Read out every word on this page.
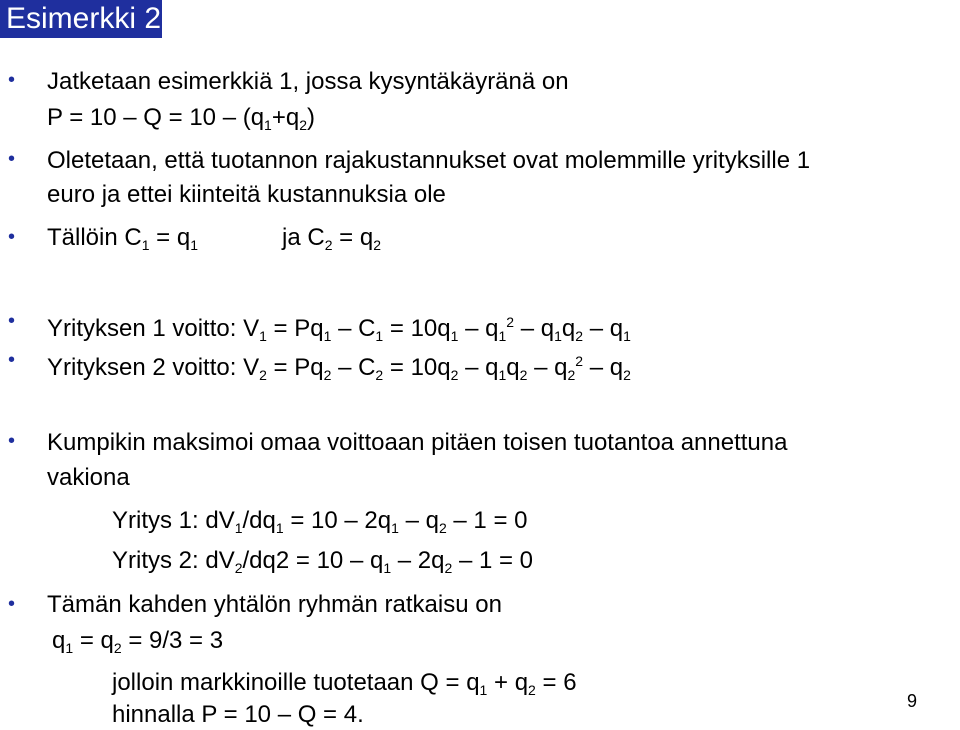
Esimerkki 2
•
•
•
•
•
•
•

Jatketaan esimerkkiä 1, jossa kysyntäkäyränä on

$P = 10 - Q = 10 - (q_1+q_2)$

Oletetaan, että tuotannon rajakustannukset ovat molemmille yrityksille 1

euro ja ettei kiinteitä kustannuksia ole

Tällöin $C_1 = q_1$	ja $C_2 = q_2$

Yrityksen 1 voitto: $V_1 = Pq_1 - C_1 = 10q_1 - q_1^2 - q_1q_2 - q_1$

Yrityksen 2 voitto: $V_2 = Pq_2 - C_2 = 10q_2 - q_1q_2 - q_2^2 - q_2$

Kumpikin maksimoi omaa voittoaan pitäen toisen tuotantoa annettuna

vakiona

Yritys 1: $dV_1/dq_1 = 10 - 2q_1 - q_2 - 1 = 0$

Yritys 2: $dV_2/dq2 = 10 - q_1 - 2q_2 - 1 = 0$

Tämän kahden yhtälön ryhmän ratkaisu on

$q_1 = q_2 = 9/3 = 3$

jolloin markkinoille tuotetaan $Q = q_1 + q_2 = 6$

hinnalla P = 10 – Q = 4.	9
